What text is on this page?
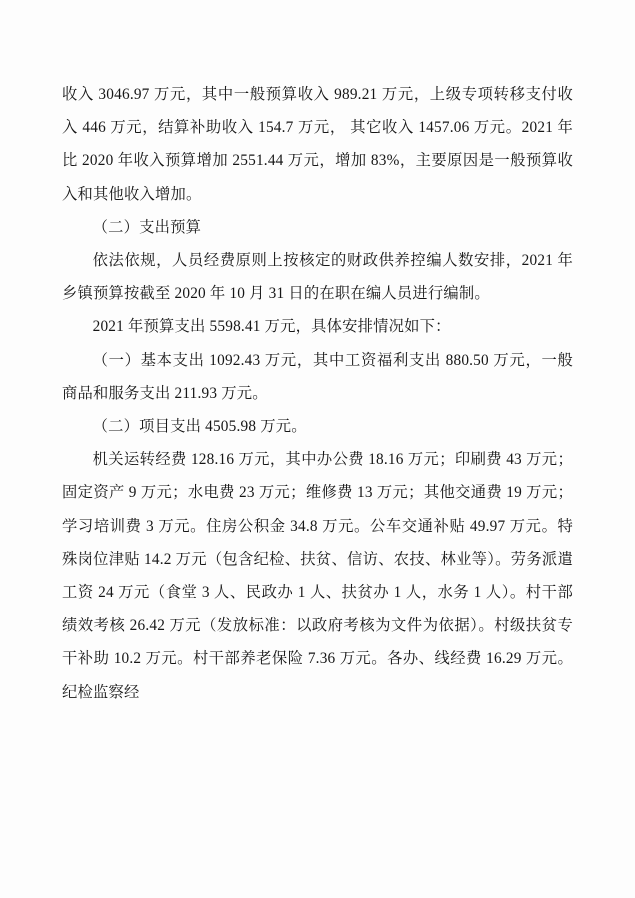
收入 3046.97 万元，其中一般预算收入 989.21 万元，上级专项转移支付收入 446 万元，结算补助收入 154.7 万元， 其它收入 1457.06 万元。2021 年比 2020 年收入预算增加 2551.44 万元，增加 83%，主要原因是一般预算收入和其他收入增加。

（二）支出预算

依法依规，人员经费原则上按核定的财政供养控编人数安排，2021 年乡镇预算按截至 2020 年 10 月 31 日的在职在编人员进行编制。

2021 年预算支出 5598.41 万元，具体安排情况如下：

（一）基本支出 1092.43 万元，其中工资福利支出 880.50 万元，一般商品和服务支出 211.93 万元。

（二）项目支出 4505.98 万元。

机关运转经费 128.16 万元，其中办公费 18.16 万元；印刷费 43 万元；固定资产 9 万元；水电费 23 万元；维修费 13 万元；其他交通费 19 万元；学习培训费 3 万元。住房公积金 34.8 万元。公车交通补贴 49.97 万元。特殊岗位津贴 14.2 万元（包含纪检、扶贫、信访、农技、林业等）。劳务派遣工资 24 万元（食堂 3 人、民政办 1 人、扶贫办 1 人，水务 1 人）。村干部绩效考核 26.42 万元（发放标准：以政府考核为文件为依据）。村级扶贫专干补助 10.2 万元。村干部养老保险 7.36 万元。各办、线经费 16.29 万元。纪检监察经
